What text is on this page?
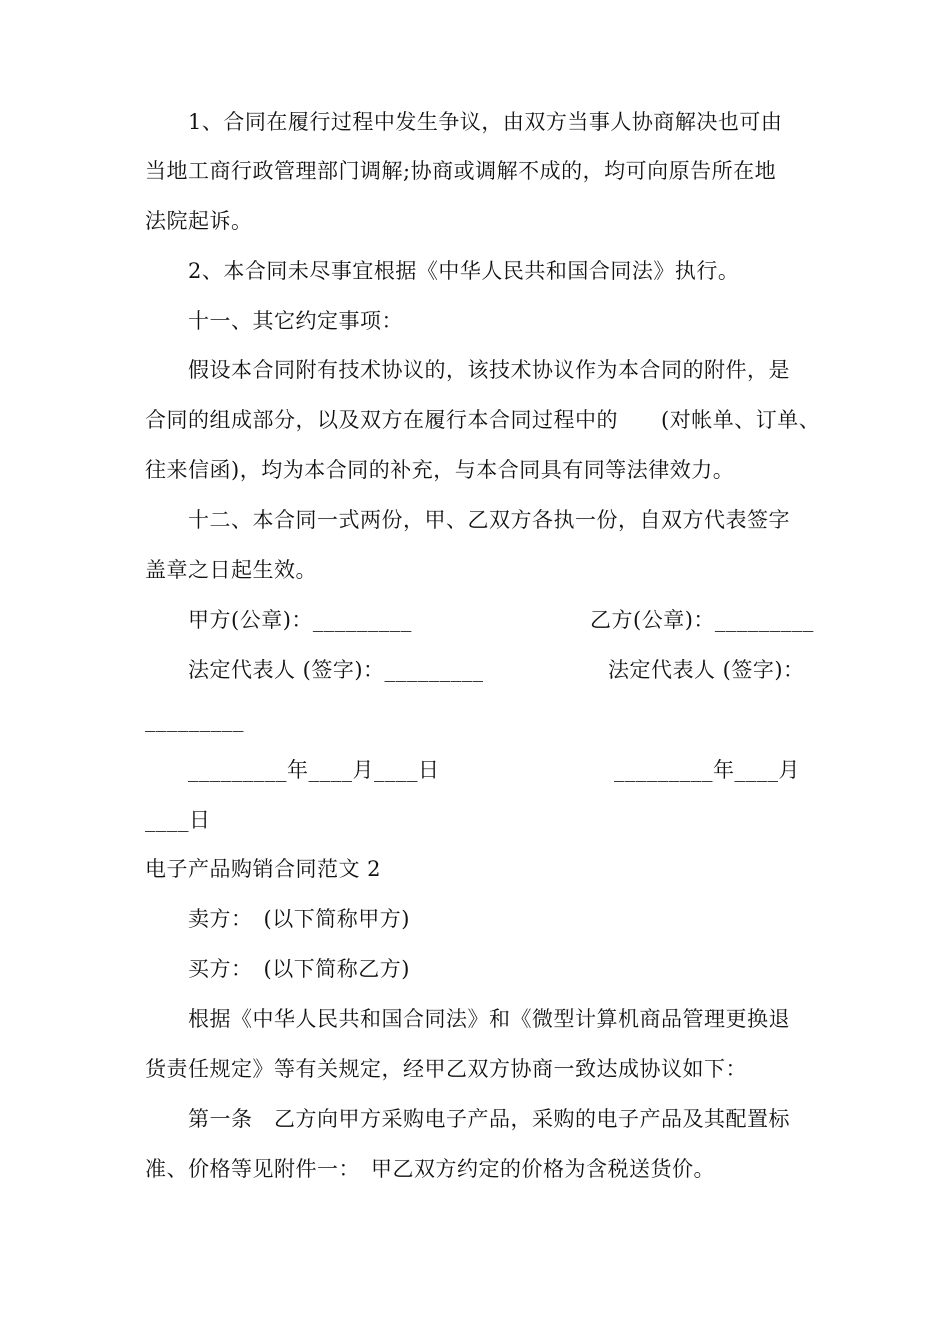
1、合同在履行过程中发生争议，由双方当事人协商解决也可由
当地工商行政管理部门调解;协商或调解不成的，均可向原告所在地
法院起诉。
2、本合同未尽事宜根据《中华人民共和国合同法》执行。
十一、其它约定事项：
假设本合同附有技术协议的，该技术协议作为本合同的附件，是
合同的组成部分，以及双方在履行本合同过程中的　　(对帐单、订单、
往来信函)，均为本合同的补充，与本合同具有同等法律效力。
十二、本合同一式两份，甲、乙双方各执一份，自双方代表签字
盖章之日起生效。
甲方(公章)：_________	乙方(公章)：_________
法定代表人 (签字)：_________	法定代表人 (签字)：
_________
_________年____月____日	_________年____月
____日
电子产品购销合同范文 2
卖方：　(以下简称甲方)
买方：　(以下简称乙方)
根据《中华人民共和国合同法》和《微型计算机商品管理更换退
货责任规定》等有关规定，经甲乙双方协商一致达成协议如下：
第一条　乙方向甲方采购电子产品，采购的电子产品及其配置标
准、价格等见附件一：　甲乙双方约定的价格为含税送货价。
